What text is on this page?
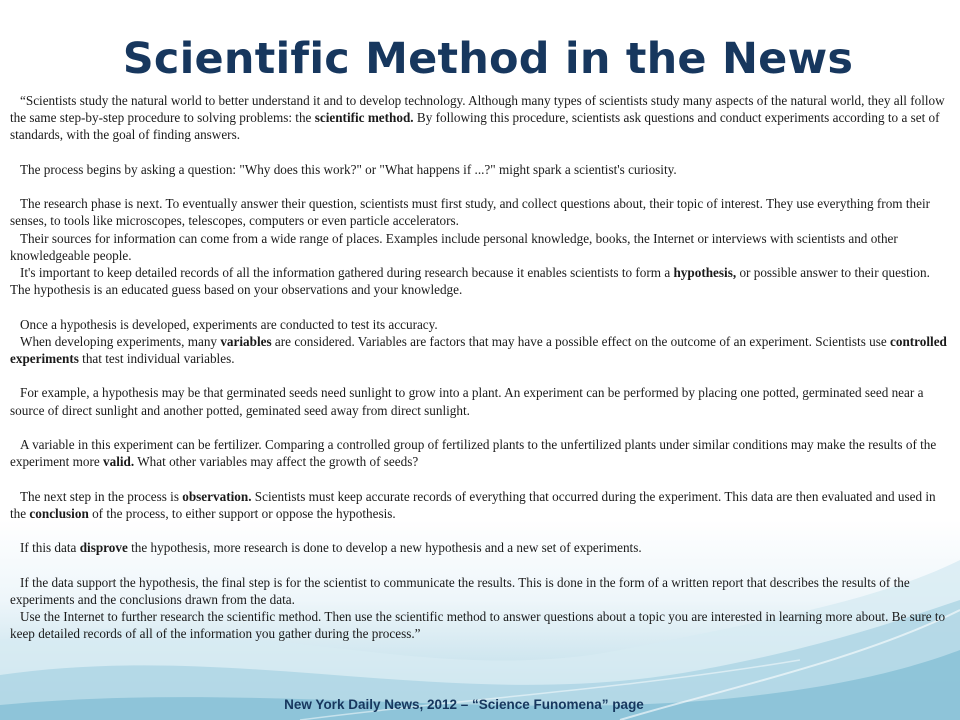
Scientific Method in the News

“Scientists study the natural world to better understand it and to develop technology. Although many types of scientists study many aspects of the natural world, they all follow the same step-by-step procedure to solving problems: the scientific method. By following this procedure, scientists ask questions and conduct experiments according to a set of standards, with the goal of finding answers.

The process begins by asking a question: "Why does this work?" or "What happens if ...?" might spark a scientist's curiosity.

The research phase is next. To eventually answer their question, scientists must first study, and collect questions about, their topic of interest. They use everything from their senses, to tools like microscopes, telescopes, computers or even particle accelerators.

Their sources for information can come from a wide range of places. Examples include personal knowledge, books, the Internet or interviews with scientists and other knowledgeable people.

It's important to keep detailed records of all the information gathered during research because it enables scientists to form a hypothesis, or possible answer to their question. The hypothesis is an educated guess based on your observations and your knowledge.

Once a hypothesis is developed, experiments are conducted to test its accuracy.

When developing experiments, many variables are considered. Variables are factors that may have a possible effect on the outcome of an experiment. Scientists use controlled experiments that test individual variables.

For example, a hypothesis may be that germinated seeds need sunlight to grow into a plant. An experiment can be performed by placing one potted, germinated seed near a source of direct sunlight and another potted, geminated seed away from direct sunlight.

A variable in this experiment can be fertilizer. Comparing a controlled group of fertilized plants to the unfertilized plants under similar conditions may make the results of the experiment more valid. What other variables may affect the growth of seeds?

The next step in the process is observation. Scientists must keep accurate records of everything that occurred during the experiment. This data are then evaluated and used in the conclusion of the process, to either support or oppose the hypothesis.

If this data disprove the hypothesis, more research is done to develop a new hypothesis and a new set of experiments.

If the data support the hypothesis, the final step is for the scientist to communicate the results. This is done in the form of a written report that describes the results of the experiments and the conclusions drawn from the data.

Use the Internet to further research the scientific method. Then use the scientific method to answer questions about a topic you are interested in learning more about. Be sure to keep detailed records of all of the information you gather during the process.”

New York Daily News, 2012 – “Science Funomena” page
